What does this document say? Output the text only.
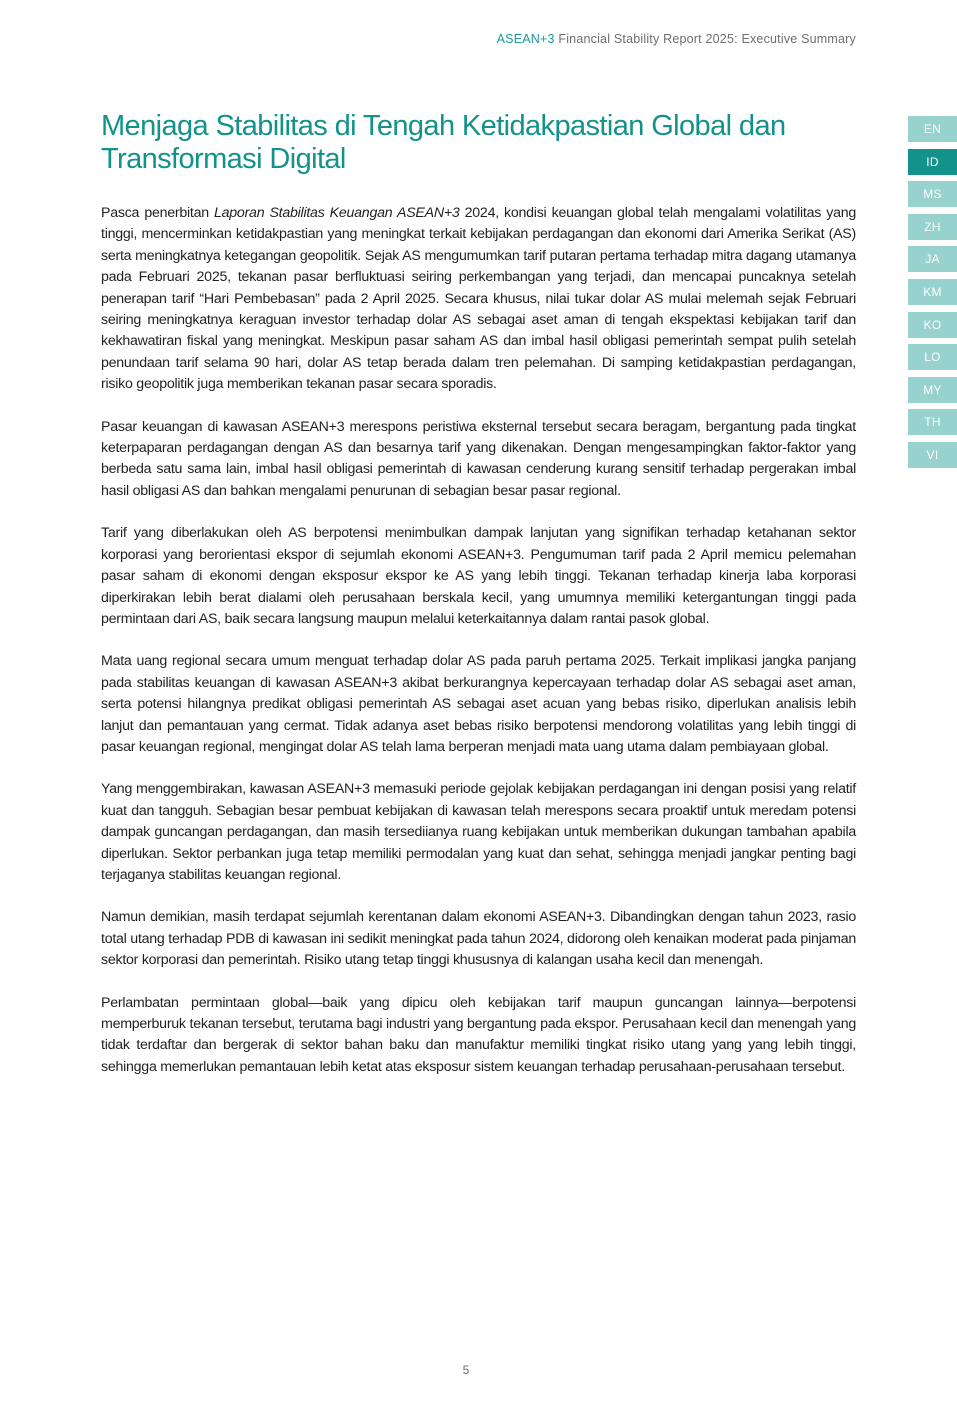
ASEAN+3 Financial Stability Report 2025: Executive Summary
Menjaga Stabilitas di Tengah Ketidakpastian Global dan
Transformasi Digital

Pasca penerbitan Laporan Stabilitas Keuangan ASEAN+3 2024, kondisi keuangan global telah mengalami volatilitas yang tinggi, mencerminkan ketidakpastian yang meningkat terkait kebijakan perdagangan dan ekonomi dari Amerika Serikat (AS) serta meningkatnya ketegangan geopolitik. Sejak AS mengumumkan tarif putaran pertama terhadap mitra dagang utamanya pada Februari 2025, tekanan pasar berfluktuasi seiring perkembangan yang terjadi, dan mencapai puncaknya setelah penerapan tarif “Hari Pembebasan” pada 2 April 2025. Secara khusus, nilai tukar dolar AS mulai melemah sejak Februari seiring meningkatnya keraguan investor terhadap dolar AS sebagai aset aman di tengah ekspektasi kebijakan tarif dan kekhawatiran fiskal yang meningkat. Meskipun pasar saham AS dan imbal hasil obligasi pemerintah sempat pulih setelah penundaan tarif selama 90 hari, dolar AS tetap berada dalam tren pelemahan. Di samping ketidakpastian perdagangan, risiko geopolitik juga memberikan tekanan pasar secara sporadis.

Pasar keuangan di kawasan ASEAN+3 merespons peristiwa eksternal tersebut secara beragam, bergantung pada tingkat keterpaparan perdagangan dengan AS dan besarnya tarif yang dikenakan. Dengan mengesampingkan faktor-faktor yang berbeda satu sama lain, imbal hasil obligasi pemerintah di kawasan cenderung kurang sensitif terhadap pergerakan imbal hasil obligasi AS dan bahkan mengalami penurunan di sebagian besar pasar regional.

Tarif yang diberlakukan oleh AS berpotensi menimbulkan dampak lanjutan yang signifikan terhadap ketahanan sektor korporasi yang berorientasi ekspor di sejumlah ekonomi ASEAN+3. Pengumuman tarif pada 2 April memicu pelemahan pasar saham di ekonomi dengan eksposur ekspor ke AS yang lebih tinggi. Tekanan terhadap kinerja laba korporasi diperkirakan lebih berat dialami oleh perusahaan berskala kecil, yang umumnya memiliki ketergantungan tinggi pada permintaan dari AS, baik secara langsung maupun melalui keterkaitannya dalam rantai pasok global.

Mata uang regional secara umum menguat terhadap dolar AS pada paruh pertama 2025. Terkait implikasi jangka panjang pada stabilitas keuangan di kawasan ASEAN+3 akibat berkurangnya kepercayaan terhadap dolar AS sebagai aset aman, serta potensi hilangnya predikat obligasi pemerintah AS sebagai aset acuan yang bebas risiko, diperlukan analisis lebih lanjut dan pemantauan yang cermat. Tidak adanya aset bebas risiko berpotensi mendorong volatilitas yang lebih tinggi di pasar keuangan regional, mengingat dolar AS telah lama berperan menjadi mata uang utama dalam pembiayaan global.

Yang menggembirakan, kawasan ASEAN+3 memasuki periode gejolak kebijakan perdagangan ini dengan posisi yang relatif kuat dan tangguh. Sebagian besar pembuat kebijakan di kawasan telah merespons secara proaktif untuk meredam potensi dampak guncangan perdagangan, dan masih tersediianya ruang kebijakan untuk memberikan dukungan tambahan apabila diperlukan. Sektor perbankan juga tetap memiliki permodalan yang kuat dan sehat, sehingga menjadi jangkar penting bagi terjaganya stabilitas keuangan regional.

Namun demikian, masih terdapat sejumlah kerentanan dalam ekonomi ASEAN+3. Dibandingkan dengan tahun 2023, rasio total utang terhadap PDB di kawasan ini sedikit meningkat pada tahun 2024, didorong oleh kenaikan moderat pada pinjaman sektor korporasi dan pemerintah. Risiko utang tetap tinggi khususnya di kalangan usaha kecil dan menengah.

Perlambatan permintaan global—baik yang dipicu oleh kebijakan tarif maupun guncangan lainnya—berpotensi memperburuk tekanan tersebut, terutama bagi industri yang bergantung pada ekspor. Perusahaan kecil dan menengah yang tidak terdaftar dan bergerak di sektor bahan baku dan manufaktur memiliki tingkat risiko utang yang yang lebih tinggi, sehingga memerlukan pemantauan lebih ketat atas eksposur sistem keuangan terhadap perusahaan-perusahaan tersebut.

EN
ID
MS
ZH
JA
KM
KO
LO
MY
TH
VI
5
